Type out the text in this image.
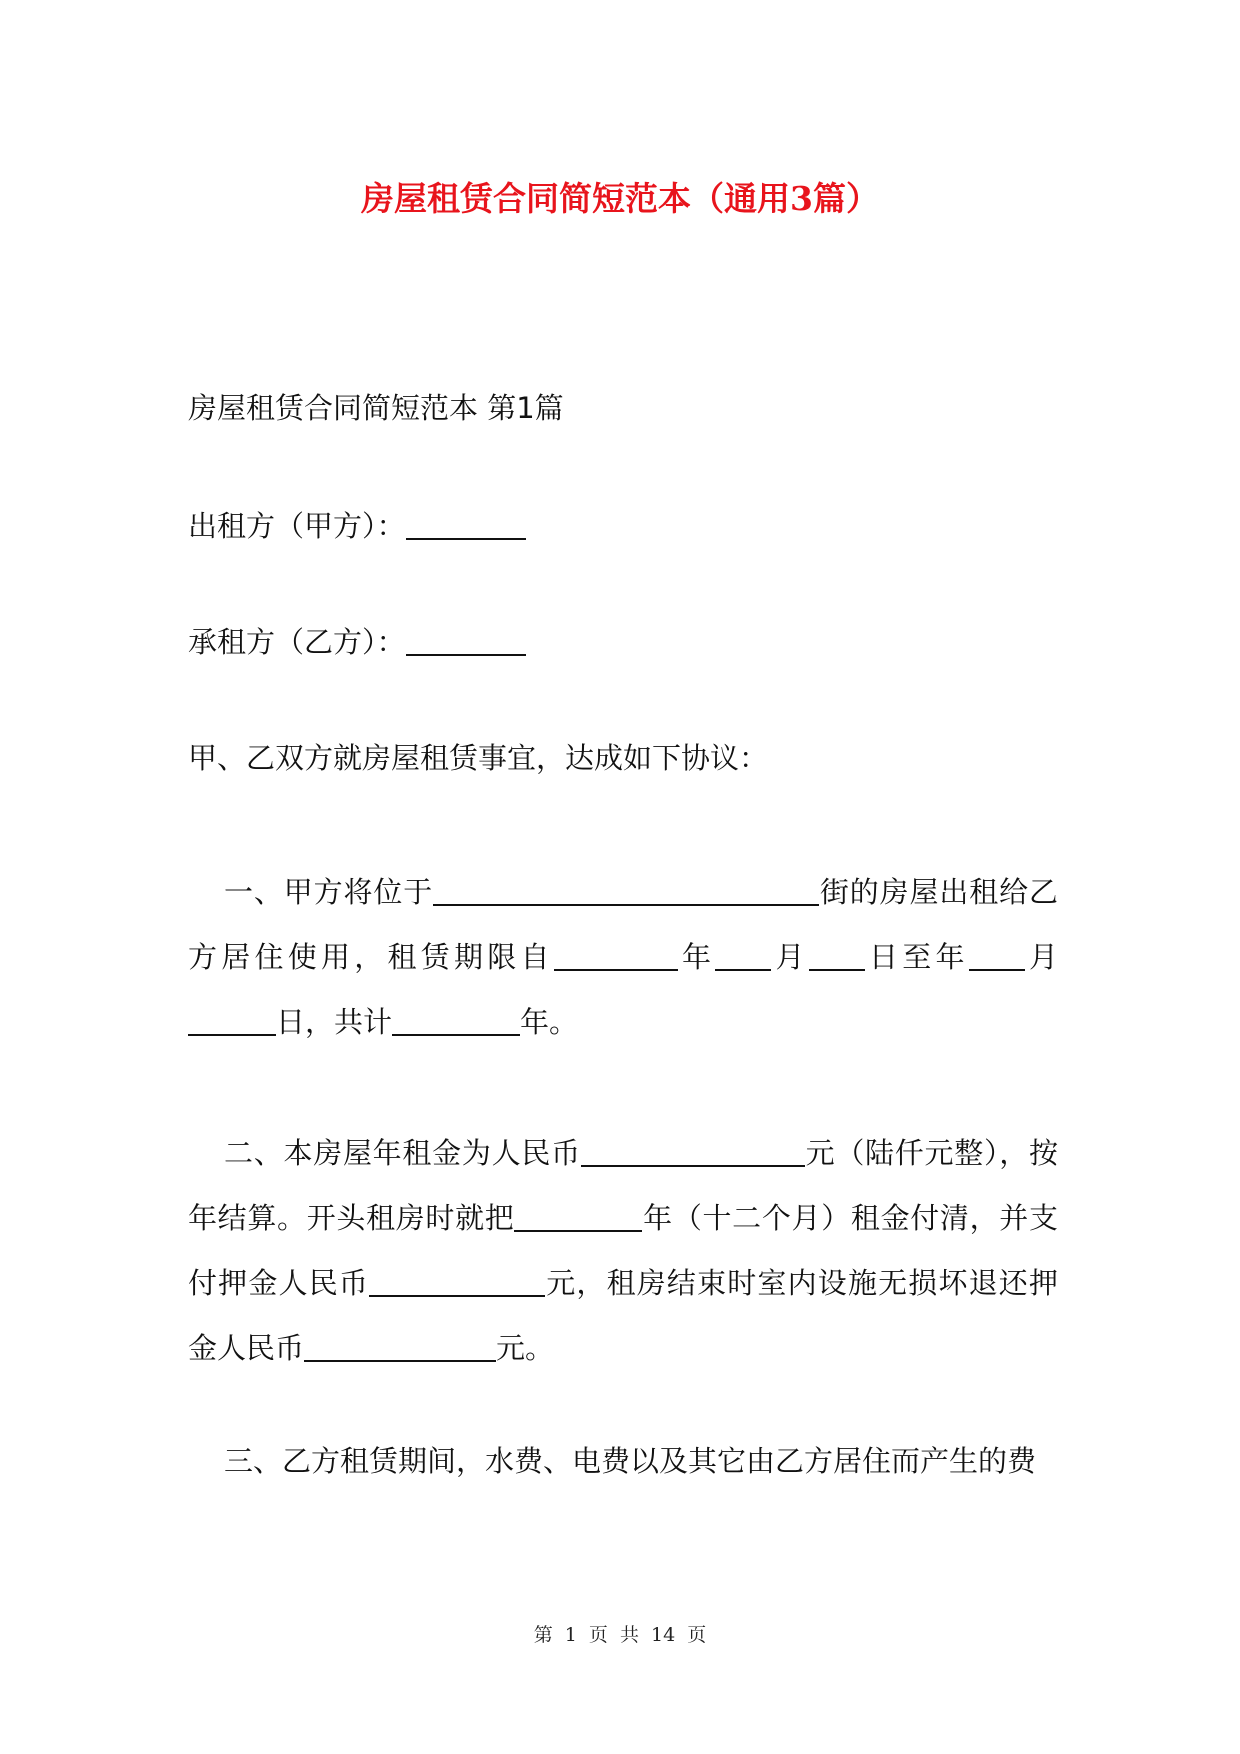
房屋租赁合同简短范本（通用3篇）

房屋租赁合同简短范本 第1篇

出租方（甲方）：

承租方（乙方）：

甲、乙双方就房屋租赁事宜，达成如下协议：

一、甲方将位于	街的房屋出租给乙方居住使用，租赁期限自	年 月 日至年 月日，共计	年。

二、本房屋年租金为人民币	元（陆仟元整），按年结算。开头租房时就把	年（十二个月）租金付清，并支付押金人民币	元，租房结束时室内设施无损坏退还押金人民币	元。

三、乙方租赁期间，水费、电费以及其它由乙方居住而产生的费

第 1 页 共 14 页
